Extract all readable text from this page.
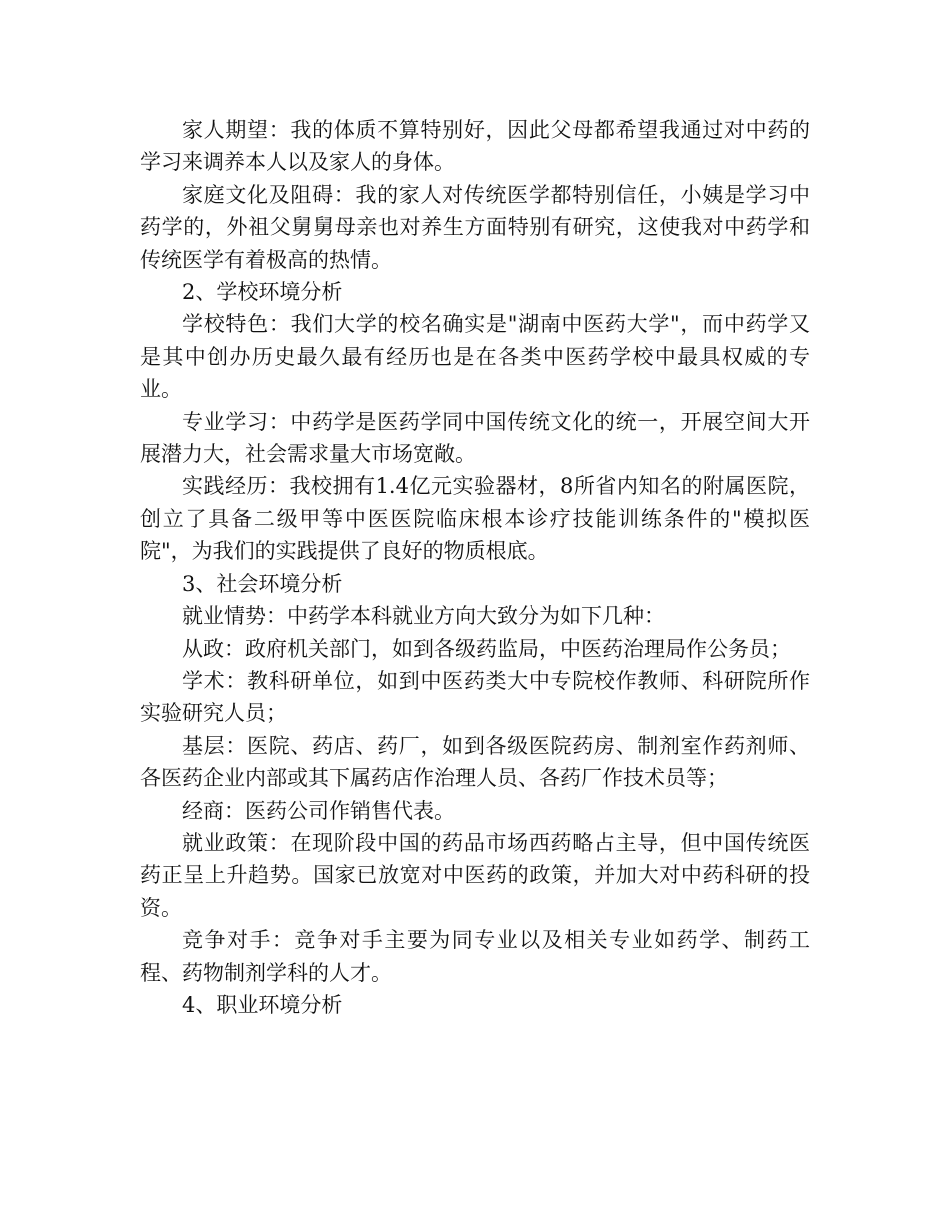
家人期望：我的体质不算特别好，因此父母都希望我通过对中药的学习来调养本人以及家人的身体。

家庭文化及阻碍：我的家人对传统医学都特别信任，小姨是学习中药学的，外祖父舅舅母亲也对养生方面特别有研究，这使我对中药学和传统医学有着极高的热情。

2、学校环境分析

学校特色：我们大学的校名确实是"湖南中医药大学"，而中药学又是其中创办历史最久最有经历也是在各类中医药学校中最具权威的专业。

专业学习：中药学是医药学同中国传统文化的统一，开展空间大开展潜力大，社会需求量大市场宽敞。

实践经历：我校拥有1.4亿元实验器材，8所省内知名的附属医院，创立了具备二级甲等中医医院临床根本诊疗技能训练条件的"模拟医院"，为我们的实践提供了良好的物质根底。

3、社会环境分析

就业情势：中药学本科就业方向大致分为如下几种：

从政：政府机关部门，如到各级药监局，中医药治理局作公务员；

学术：教科研单位，如到中医药类大中专院校作教师、科研院所作实验研究人员；

基层：医院、药店、药厂，如到各级医院药房、制剂室作药剂师、各医药企业内部或其下属药店作治理人员、各药厂作技术员等；

经商：医药公司作销售代表。

就业政策：在现阶段中国的药品市场西药略占主导，但中国传统医药正呈上升趋势。国家已放宽对中医药的政策，并加大对中药科研的投资。

竞争对手：竞争对手主要为同专业以及相关专业如药学、制药工程、药物制剂学科的人才。

4、职业环境分析
